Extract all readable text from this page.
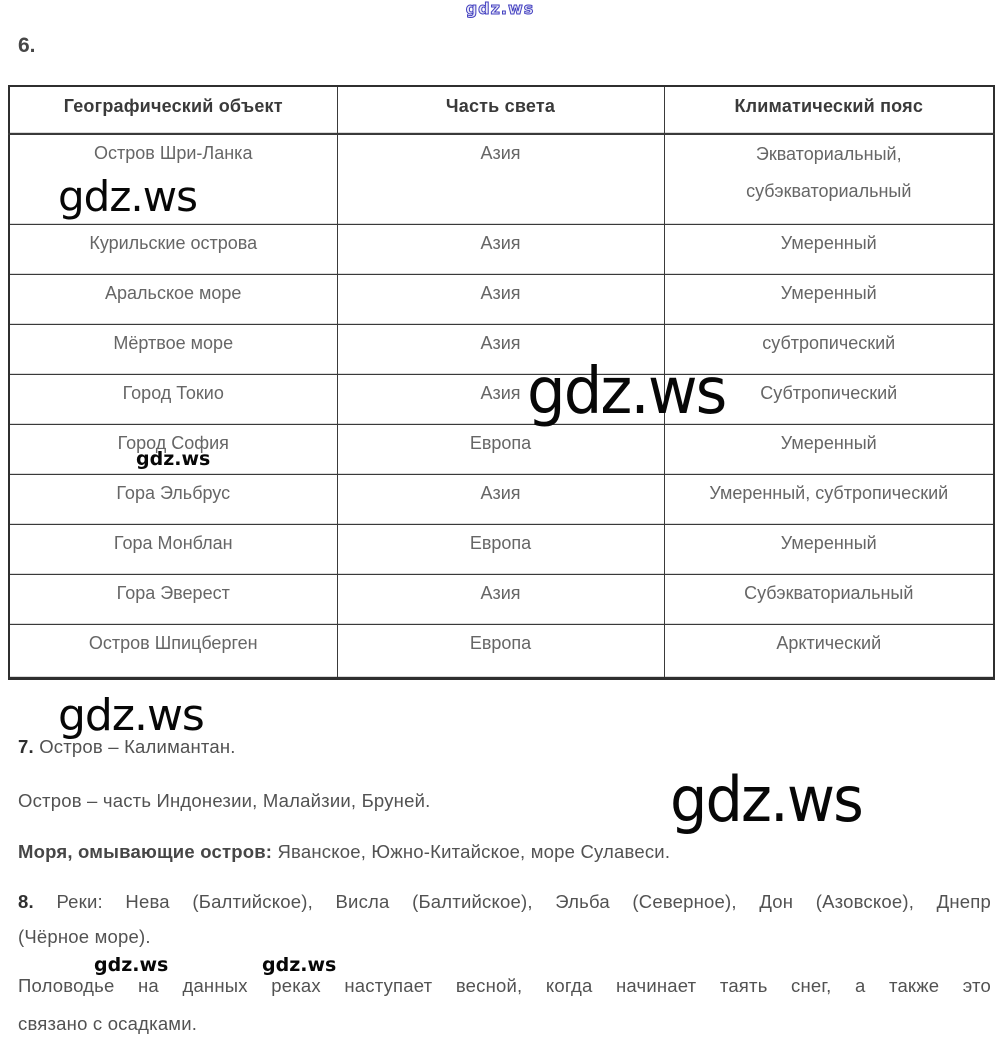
gdz.ws
gdz.ws
gdz.ws
gdz.ws
gdz.ws
gdz.ws
gdz.ws	gdz.ws
6.
Географический объект	Часть света	Климатический пояс
Остров Шри-Ланка	Азия	Экваториальный,
субэкваториальный

Курильские острова	Азия	Умеренный
Аральское море	Азия	Умеренный
Мёртвое море	Азия	субтропический
Город Токио	Азия	Субтропический
Город София	Европа	Умеренный
Гора Эльбрус	Азия	Умеренный, субтропический
Гора Монблан	Европа	Умеренный
Гора Эверест	Азия	Субэкваториальный
Остров Шпицберген	Европа	Арктический
7. Остров – Калимантан.
Остров – часть Индонезии, Малайзии, Бруней.
Моря, омывающие остров: Яванское, Южно-Китайское, море Сулавеси.
8. Реки: Нева (Балтийское), Висла (Балтийское), Эльба (Северное), Дон (Азовское), Днепр
(Чёрное море).
Половодье на данных реках наступает весной, когда начинает таять снег, а также это
связано с осадками.
